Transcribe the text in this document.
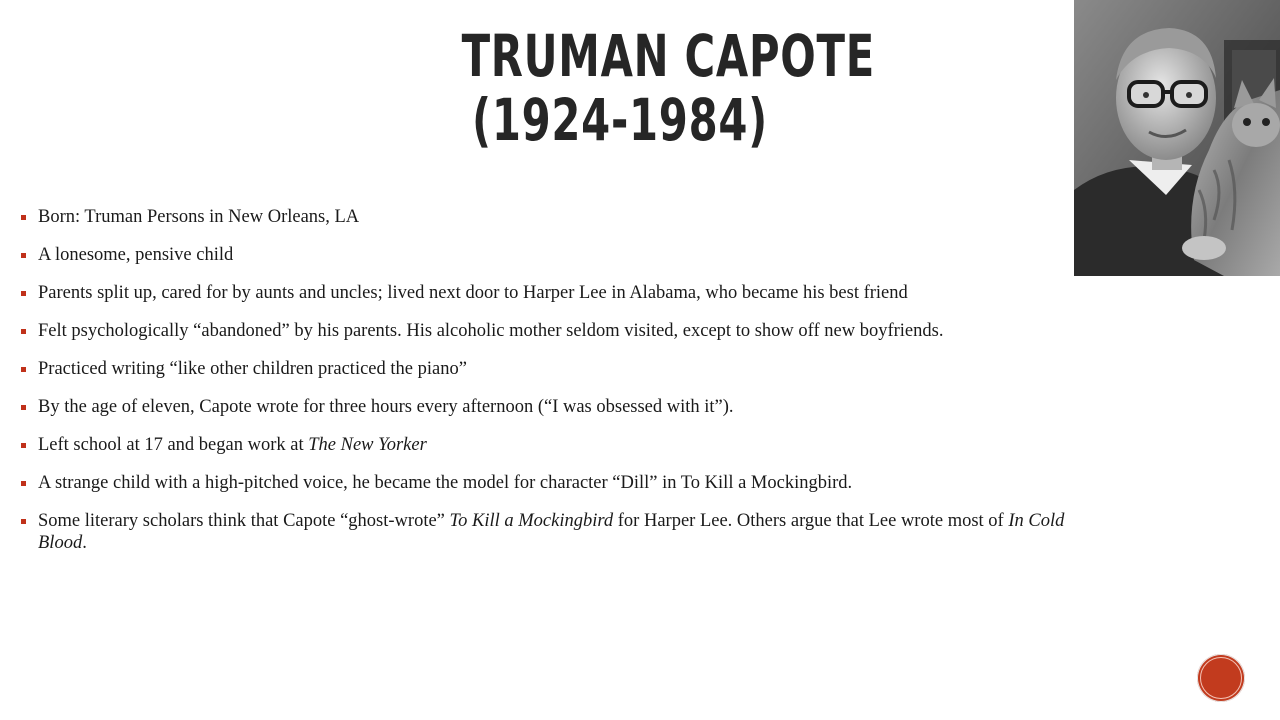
TRUMAN CAPOTE
(1924-1984)
Born: Truman Persons in New Orleans, LA
A lonesome, pensive child
Parents split up, cared for by aunts and uncles; lived next door to Harper Lee in Alabama, who became his best friend
Felt psychologically “abandoned” by his parents. His alcoholic mother seldom visited, except to show off new boyfriends.
Practiced writing “like other children practiced the piano”
By the age of eleven, Capote wrote for three hours every afternoon (“I was obsessed with it”).
Left school at 17 and began work at The New Yorker
A strange child with a high-pitched voice, he became the model for character “Dill” in To Kill a Mockingbird.
Some literary scholars think that Capote “ghost-wrote” To Kill a Mockingbird for Harper Lee. Others argue that Lee wrote most of In Cold Blood.
